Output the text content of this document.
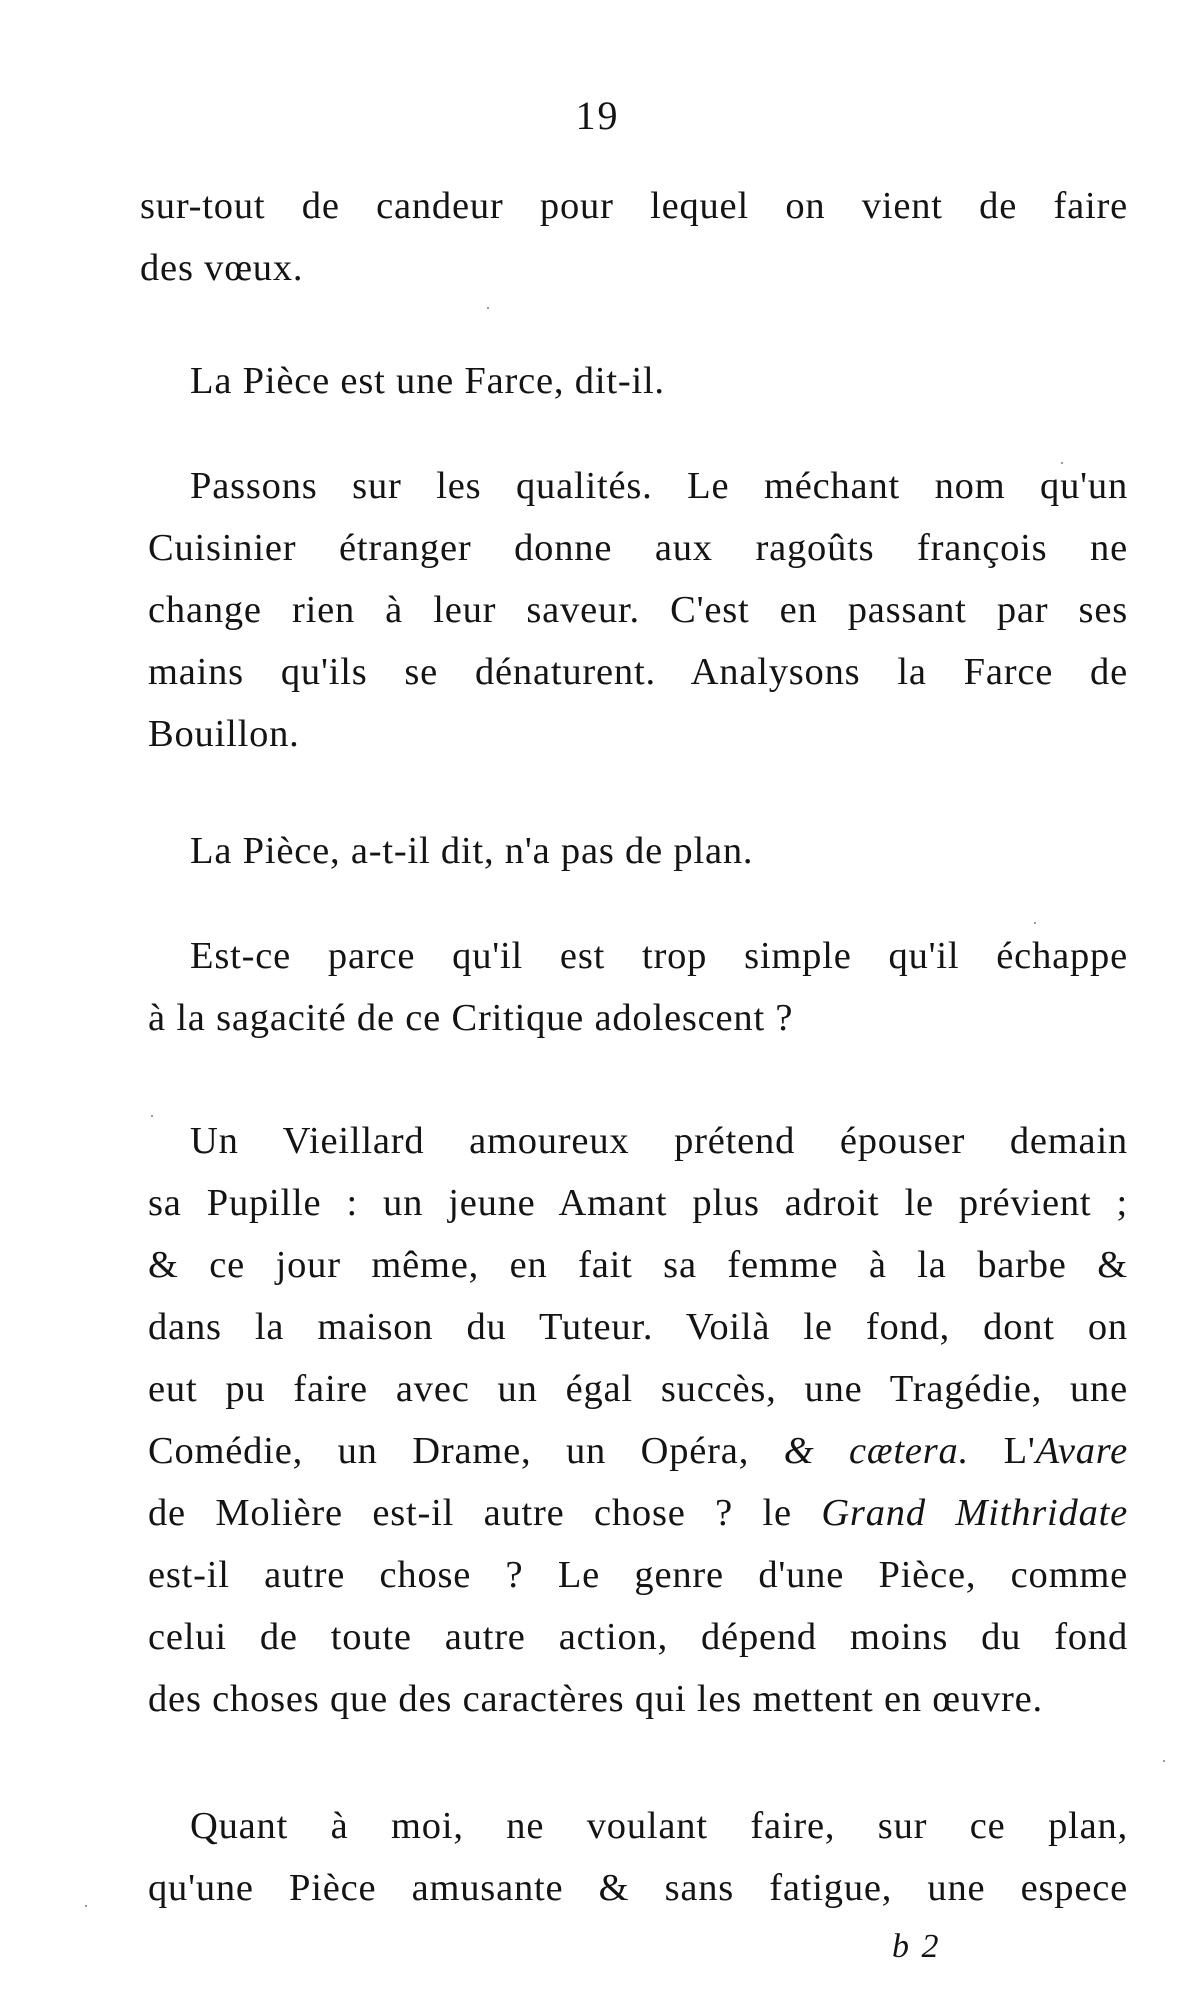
19
sur-tout de candeur pour lequel on vient de faire
des vœux.
La Pièce est une Farce, dit-il.
Passons sur les qualités. Le méchant nom qu'un
Cuisinier étranger donne aux ragoûts françois ne
change rien à leur saveur. C'est en passant par ses
mains qu'ils se dénaturent. Analysons la Farce de
Bouillon.
La Pièce, a-t-il dit, n'a pas de plan.
Est-ce parce qu'il est trop simple qu'il échappe
à la sagacité de ce Critique adolescent ?
Un Vieillard amoureux prétend épouser demain
sa Pupille : un jeune Amant plus adroit le prévient ;
& ce jour même, en fait sa femme à la barbe &
dans la maison du Tuteur. Voilà le fond, dont on
eut pu faire avec un égal succès, une Tragédie, une
Comédie, un Drame, un Opéra, & cætera. L'Avare
de Molière est-il autre chose ? le Grand Mithridate
est-il autre chose ? Le genre d'une Pièce, comme
celui de toute autre action, dépend moins du fond
des choses que des caractères qui les mettent en œuvre.
Quant à moi, ne voulant faire, sur ce plan,
qu'une Pièce amusante & sans fatigue, une espece
b 2
